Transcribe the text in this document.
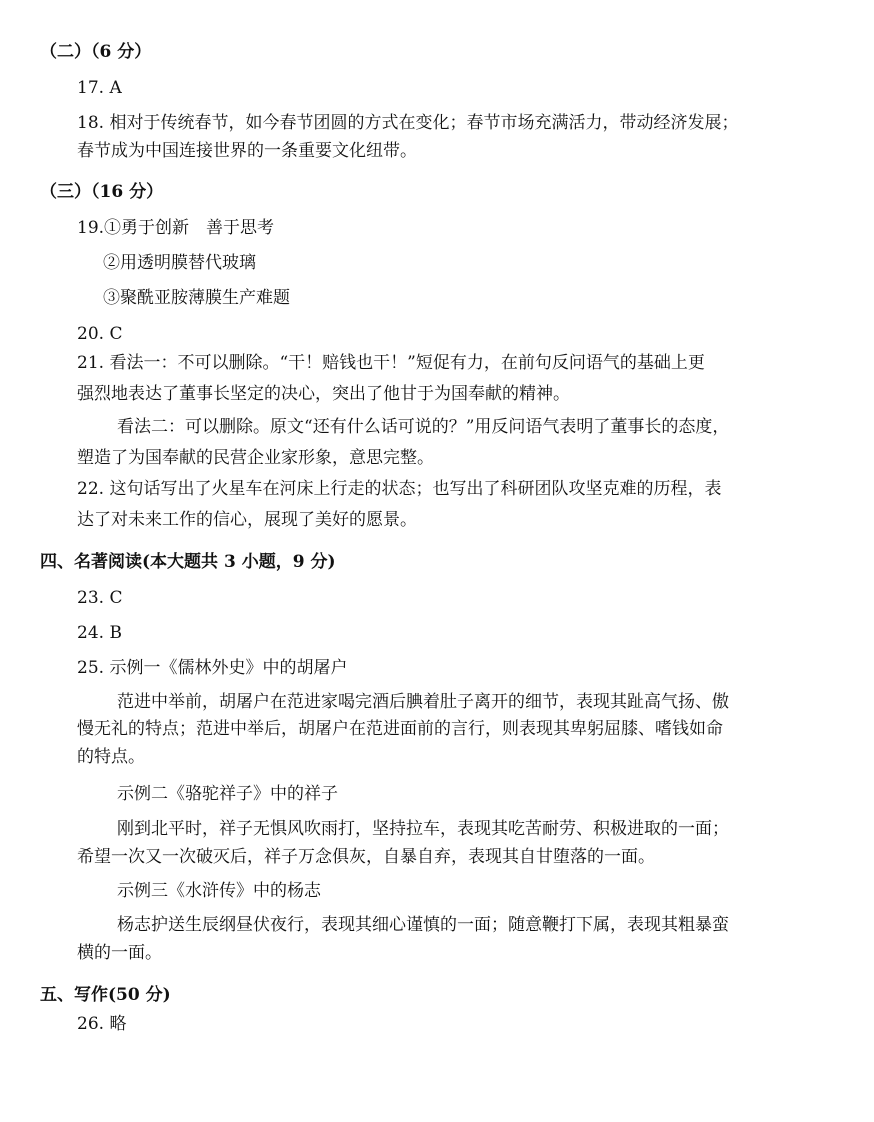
（二）（6 分）
17. A
18. 相对于传统春节，如今春节团圆的方式在变化；春节市场充满活力，带动经济发展；
春节成为中国连接世界的一条重要文化纽带。
（三）（16 分）
19.①勇于创新　善于思考
②用透明膜替代玻璃
③聚酰亚胺薄膜生产难题
20. C
21. 看法一：不可以删除。“干！赔钱也干！”短促有力，在前句反问语气的基础上更
强烈地表达了董事长坚定的决心，突出了他甘于为国奉献的精神。
看法二：可以删除。原文“还有什么话可说的？”用反问语气表明了董事长的态度，
塑造了为国奉献的民营企业家形象，意思完整。
22. 这句话写出了火星车在河床上行走的状态；也写出了科研团队攻坚克难的历程，表
达了对未来工作的信心，展现了美好的愿景。
四、名著阅读(本大题共 3 小题，9 分)
23. C
24. B
25. 示例一《儒林外史》中的胡屠户
范进中举前，胡屠户在范进家喝完酒后腆着肚子离开的细节，表现其趾高气扬、傲
慢无礼的特点；范进中举后，胡屠户在范进面前的言行，则表现其卑躬屈膝、嗜钱如命
的特点。
示例二《骆驼祥子》中的祥子
刚到北平时，祥子无惧风吹雨打，坚持拉车，表现其吃苦耐劳、积极进取的一面；
希望一次又一次破灭后，祥子万念俱灰，自暴自弃，表现其自甘堕落的一面。
示例三《水浒传》中的杨志
杨志护送生辰纲昼伏夜行，表现其细心谨慎的一面；随意鞭打下属，表现其粗暴蛮
横的一面。
五、写作(50 分)
26. 略
